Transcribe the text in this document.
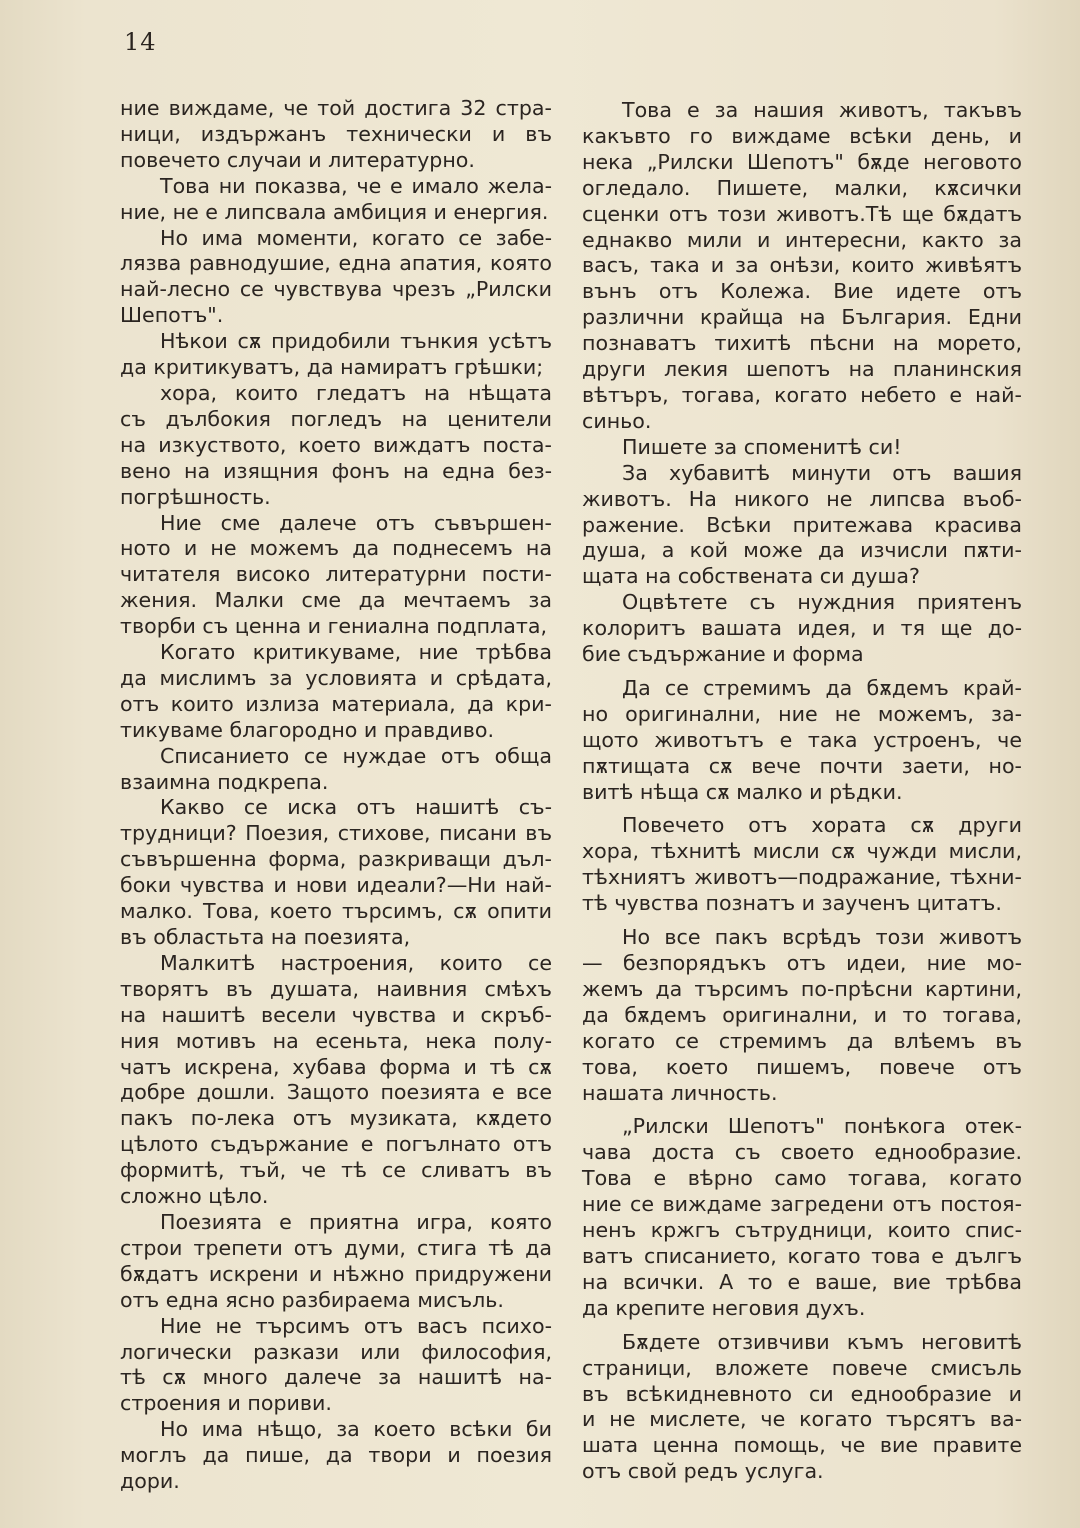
14

ние виждаме, че той достига 32 стра-

ници, издържанъ технически и въ

повечето случаи и литературно.

Това ни показва, че е имало жела-

ние, не е липсвала амбиция и енергия.

Но има моменти, когато се забе-

лязва равнодушие, една апатия, която

най-лесно се чувствува чрезъ „Рилски

Шепотъ".

Нѣкои сѫ придобили тънкия усѣтъ

да критикуватъ, да намиратъ грѣшки;

хора, които гледатъ на нѣщата

съ дълбокия погледъ на ценители

на изкуството, което виждатъ поста-

вено на изящния фонъ на една без-

погрѣшность.

Ние сме далече отъ съвършен-

ното и не можемъ да поднесемъ на

читателя високо литературни пости-

жения. Малки сме да мечтаемъ за

творби съ ценна и гениална подплата,

Когато критикуваме, ние трѣбва

да мислимъ за условията и срѣдата,

отъ които излиза материала, да кри-

тикуваме благородно и правдиво.

Списанието се нуждае отъ обща

взаимна подкрепа.

Какво се иска отъ нашитѣ съ-

трудници? Поезия, стихове, писани въ

съвършенна форма, разкриващи дъл-

боки чувства и нови идеали?—Ни най-

малко. Това, което търсимъ, сѫ опити

въ областьта на поезията,

Малкитѣ настроения, които се

творятъ въ душата, наивния смѣхъ

на нашитѣ весели чувства и скръб-

ния мотивъ на есеньта, нека полу-

чатъ искрена, хубава форма и тѣ сѫ

добре дошли. Защото поезията е все

пакъ по-лека отъ музиката, кѫдето

цѣлото съдържание е погълнато отъ

формитѣ, тъй, че тѣ се сливатъ въ

сложно цѣло.

Поезията е приятна игра, която

строи трепети отъ думи, стига тѣ да

бѫдатъ искрени и нѣжно придружени

отъ една ясно разбираема мисъль.

Ние не търсимъ отъ васъ психо-

логически разкази или философия,

тѣ сѫ много далече за нашитѣ на-

строения и пориви.

Но има нѣщо, за което всѣки би

моглъ да пише, да твори и поезия дори.

Това е за нашия животъ, такъвъ

какъвто го виждаме всѣки день, и

нека „Рилски Шепотъ" бѫде неговото

огледало. Пишете, малки, кѫсички

сценки отъ този животъ.Тѣ ще бѫдатъ

еднакво мили и интересни, както за

васъ, така и за онѣзи, които живѣятъ

вънъ отъ Колежа. Вие идете отъ

различни крайща на България. Едни

познаватъ тихитѣ пѣсни на морето,

други лекия шепотъ на планинския

вѣтъръ, тогава, когато небето е най-

синьо.

Пишете за споменитѣ си!

За хубавитѣ минути отъ вашия

животъ. На никого не липсва въоб-

ражение. Всѣки притежава красива

душа, а кой може да изчисли пѫти-

щата на собствената си душа?

Оцвѣтете съ нуждния приятенъ

колоритъ вашата идея, и тя ще до-

бие съдържание и форма

Да се стремимъ да бѫдемъ край-

но оригинални, ние не можемъ, за-

щото животътъ е така устроенъ, че

пѫтищата сѫ вече почти заети, но-

витѣ нѣща сѫ малко и рѣдки.

Повечето отъ хората сѫ други

хора, тѣхнитѣ мисли сѫ чужди мисли,

тѣхниятъ животъ—подражание, тѣхни-

тѣ чувства познатъ и заученъ цитатъ.

Но все пакъ всрѣдъ този животъ

— безпорядъкъ отъ идеи, ние мо-

жемъ да търсимъ по-прѣсни картини,

да бѫдемъ оригинални, и то тогава,

когато се стремимъ да влѣемъ въ

това, което пишемъ, повече отъ

нашата личность.

„Рилски Шепотъ" понѣкога отек-

чава доста съ своето еднообразие.

Това е вѣрно само тогава, когато

ние се виждаме загредени отъ постоя-

ненъ кржгъ сътрудници, които спис-

ватъ списанието, когато това е дългъ

на всички. А то е ваше, вие трѣбва

да крепите неговия духъ.

Бѫдете отзивчиви къмъ неговитѣ

страници, вложете повече смисъль

въ всѣкидневното си еднообразие и

и не мислете, че когато търсятъ ва-

шата ценна помощь, че вие правите

отъ свой редъ услуга.
